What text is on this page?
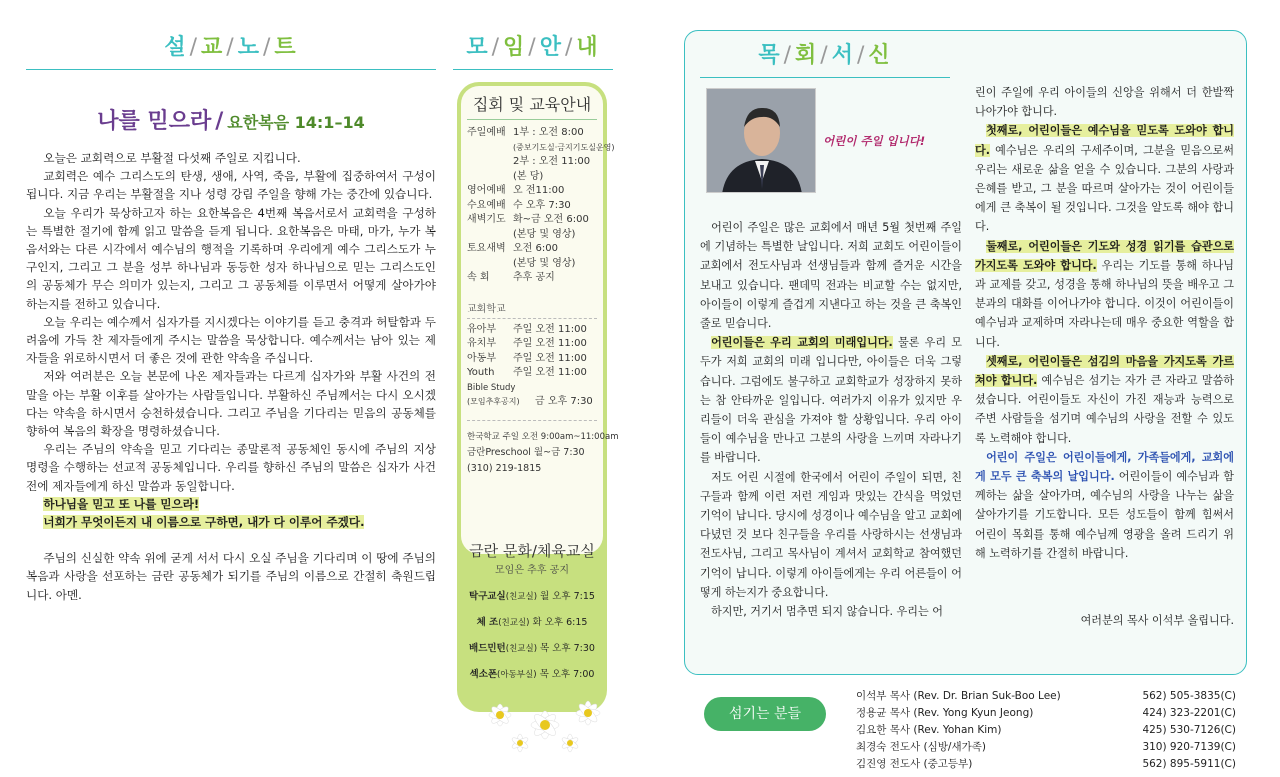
설/교/노/트
나를 믿으라 / 요한복음 14:1–14

오늘은 교회력으로 부활절 다섯째 주일로 지킵니다.

교회력은 예수 그리스도의 탄생, 생애, 사역, 죽음, 부활에 집중하여서 구성이 됩니다. 지금 우리는 부활절을 지나 성령 강림 주일을 향해 가는 중간에 있습니다.

오늘 우리가 묵상하고자 하는 요한복음은 4번째 복음서로서 교회력을 구성하는 특별한 절기에 함께 읽고 말씀을 듣게 됩니다. 요한복음은 마태, 마가, 누가 복음서와는 다른 시각에서 예수님의 행적을 기록하며 우리에게 예수 그리스도가 누구인지, 그리고 그 분을 성부 하나님과 동등한 성자 하나님으로 믿는 그리스도인의 공동체가 무슨 의미가 있는지, 그리고 그 공동체를 이루면서 어떻게 살아가야 하는지를 전하고 있습니다.

오늘 우리는 예수께서 십자가를 지시겠다는 이야기를 듣고 충격과 허탈함과 두려움에 가득 찬 제자들에게 주시는 말씀을 묵상합니다. 예수께서는 남아 있는 제자들을 위로하시면서 더 좋은 것에 관한 약속을 주십니다.

저와 여러분은 오늘 본문에 나온 제자들과는 다르게 십자가와 부활 사건의 전말을 아는 부활 이후를 살아가는 사람들입니다. 부활하신 주님께서는 다시 오시겠다는 약속을 하시면서 승천하셨습니다. 그리고 주님을 기다리는 믿음의 공동체를 향하여 복음의 확장을 명령하셨습니다.

우리는 주님의 약속을 믿고 기다리는 종말론적 공동체인 동시에 주님의 지상 명령을 수행하는 선교적 공동체입니다. 우리를 향하신 주님의 말씀은 십자가 사건 전에 제자들에게 하신 말씀과 동일합니다.

하나님을 믿고 또 나를 믿으라!

너희가 무엇이든지 내 이름으로 구하면, 내가 다 이루어 주겠다.

주님의 신실한 약속 위에 굳게 서서 다시 오실 주님을 기다리며 이 땅에 주님의 복음과 사랑을 선포하는 금란 공동체가 되기를 주님의 이름으로 간절히 축원드립니다. 아멘.

모/임/안/내
집회 및 교육안내
주일예배 1부 : 오전 8:00
(중보기도실·금지기도실운영)
2부 : 오전 11:00
(본 당)
영어예배 오 전11:00
수요예배 수 오후 7:30
새벽기도 화~금 오전 6:00
(본당 및 영상)
토요새벽 오전 6:00
(본당 및 영상)
속 회	추후 공지
교회학교
유아부	주일 오전 11:00
유치부	주일 오전 11:00
아동부	주일 오전 11:00
Youth	주일 오전 11:00
Bible Study
(모임추후공지)	금 오후 7:30
한국학교 주일 오전 9:00am~11:00am
금란Preschool 월~금 7:30
(310) 219-1815
금란 문화/체육교실
모임은 추후 공지
탁구교실(친교실) 월 오후 7:15
체 조(친교실) 화 오후 6:15
배드민턴(친교실) 목 오후 7:30
섹소폰(아동부실) 목 오후 7:00
목/회/서/신
어린이 주일 입니다!

어린이 주일은 많은 교회에서 매년 5월 첫번째 주일에 기념하는 특별한 날입니다. 저희 교회도 어린이들이 교회에서 전도사님과 선생님들과 함께 즐거운 시간을 보내고 있습니다. 팬데믹 전과는 비교할 수는 없지만, 아이들이 이렇게 즐겁게 지낸다고 하는 것을 큰 축복인 줄로 믿습니다.

어린이들은 우리 교회의 미래입니다. 물론 우리 모두가 저희 교회의 미래 입니다만, 아이들은 더욱 그렇습니다. 그럼에도 불구하고 교회학교가 성장하지 못하는 참 안타까운 일입니다. 여러가지 이유가 있지만 우리들이 더욱 관심을 가져야 할 상황입니다. 우리 아이들이 예수님을 만나고 그분의 사랑을 느끼며 자라나기를 바랍니다.

저도 어린 시절에 한국에서 어린이 주일이 되면, 친구들과 함께 이런 저런 게임과 맛있는 간식을 먹었던 기억이 납니다. 당시에 성경이나 예수님을 알고 교회에 다녔던 것 보다 친구들을 우리를 사랑하시는 선생님과 전도사님, 그리고 목사님이 계셔서 교회학교 참여했던 기억이 납니다. 이렇게 아이들에게는 우리 어른들이 어떻게 하는지가 중요합니다.

하지만, 거기서 멈추면 되지 않습니다. 우리는 어

린이 주일에 우리 아이들의 신앙을 위해서 더 한발짝 나아가야 합니다.

첫째로, 어린이들은 예수님을 믿도록 도와야 합니다. 예수님은 우리의 구세주이며, 그분을 믿음으로써 우리는 새로운 삶을 얻을 수 있습니다. 그분의 사랑과 은혜를 받고, 그 분을 따르며 살아가는 것이 어린이들에게 큰 축복이 될 것입니다. 그것을 알도록 해야 합니다.

둘째로, 어린이들은 기도와 성경 읽기를 습관으로 가지도록 도와야 합니다. 우리는 기도를 통해 하나님과 교제를 갖고, 성경을 통해 하나님의 뜻을 배우고 그 분과의 대화를 이어나가야 합니다. 이것이 어린이들이 예수님과 교제하며 자라나는데 매우 중요한 역할을 합니다.

셋째로, 어린이들은 섬김의 마음을 가지도록 가르쳐야 합니다. 예수님은 섬기는 자가 큰 자라고 말씀하셨습니다. 어린이들도 자신이 가진 재능과 능력으로 주변 사람들을 섬기며 예수님의 사랑을 전할 수 있도록 노력해야 합니다.

어린이 주일은 어린이들에게, 가족들에게, 교회에게 모두 큰 축복의 날입니다. 어린이들이 예수님과 함께하는 삶을 살아가며, 예수님의 사랑을 나누는 삶을 살아가기를 기도합니다. 모든 성도들이 함께 힘써서 어린이 목회를 통해 예수님께 영광을 올려 드리기 위해 노력하기를 간절히 바랍니다.

여러분의 목사 이석부 올립니다.
섬기는 분들
이석부 목사 (Rev. Dr. Brian Suk-Boo Lee)	562) 505-3835(C)
정용균 목사 (Rev. Yong Kyun Jeong)	424) 323-2201(C)
김요한 목사 (Rev. Yohan Kim)	425) 530-7126(C)
최경숙 전도사 (심방/새가족)	310) 920-7139(C)
김진영 전도사 (중고등부)	562) 895-5911(C)
